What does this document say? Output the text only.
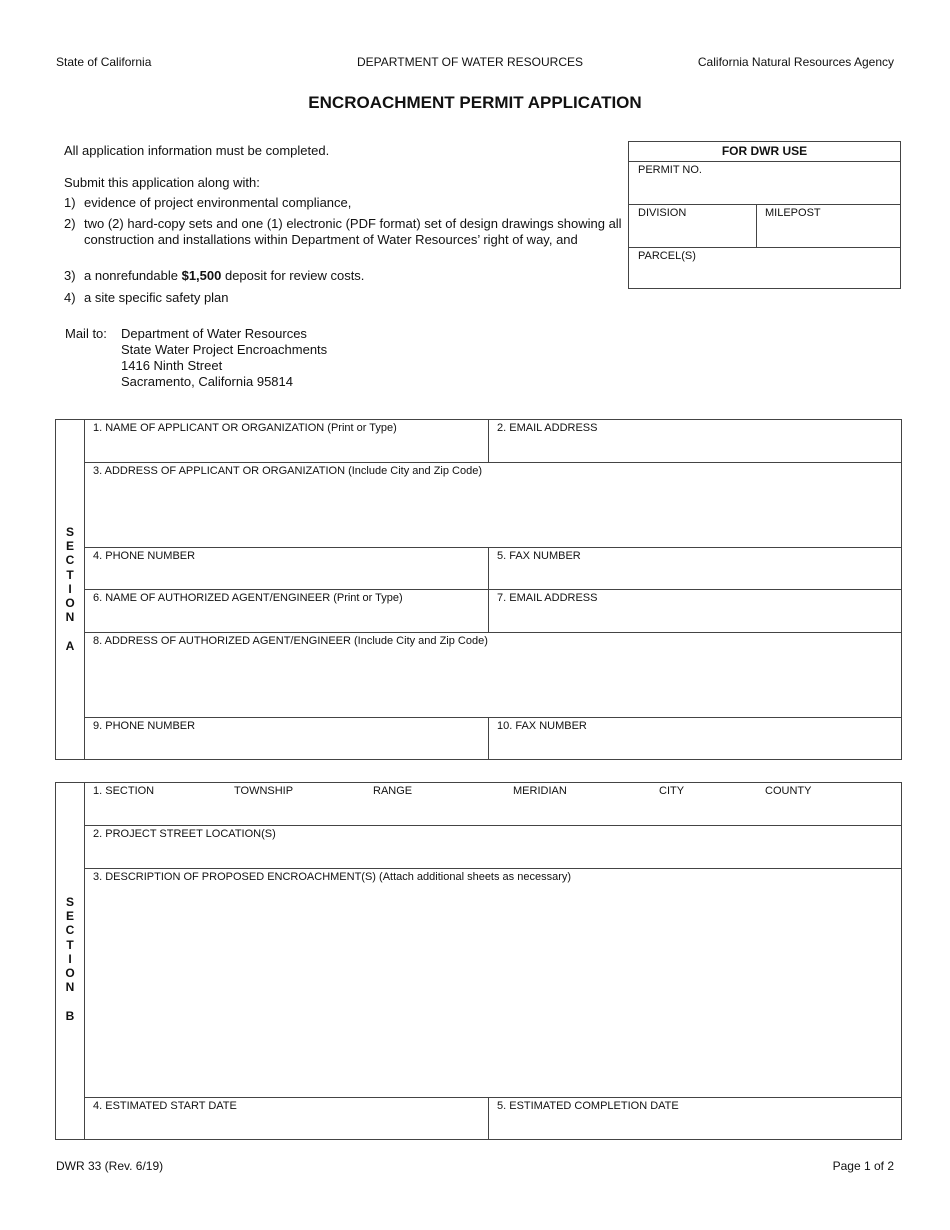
State of California	DEPARTMENT OF WATER RESOURCES	California Natural Resources Agency
ENCROACHMENT PERMIT APPLICATION
All application information must be completed.
Submit this application along with:
1) evidence of project environmental compliance,
2) two (2) hard-copy sets and one (1) electronic (PDF format) set of design drawings showing all construction and installations within Department of Water Resources’ right of way, and
3) a nonrefundable $1,500 deposit for review costs.
4) a site specific safety plan
Mail to: Department of Water Resources
State Water Project Encroachments
1416 Ninth Street
Sacramento, California 95814
FOR DWR USE
PERMIT NO.
DIVISION	MILEPOST
PARCEL(S)
S
E
C
T
I
O
N

A
1. NAME OF APPLICANT OR ORGANIZATION (Print or Type)	2. EMAIL ADDRESS
3. ADDRESS OF APPLICANT OR ORGANIZATION (Include City and Zip Code)
4. PHONE NUMBER	5. FAX NUMBER
6. NAME OF AUTHORIZED AGENT/ENGINEER (Print or Type)	7. EMAIL ADDRESS
8. ADDRESS OF AUTHORIZED AGENT/ENGINEER (Include City and Zip Code)
9. PHONE NUMBER	10. FAX NUMBER
S
E
C
T
I
O
N

B
1. SECTION	TOWNSHIP	RANGE	MERIDIAN	CITY	COUNTY
2. PROJECT STREET LOCATION(S)
3. DESCRIPTION OF PROPOSED ENCROACHMENT(S) (Attach additional sheets as necessary)
4. ESTIMATED START DATE	5. ESTIMATED COMPLETION DATE
DWR 33 (Rev. 6/19)	Page 1 of 2
